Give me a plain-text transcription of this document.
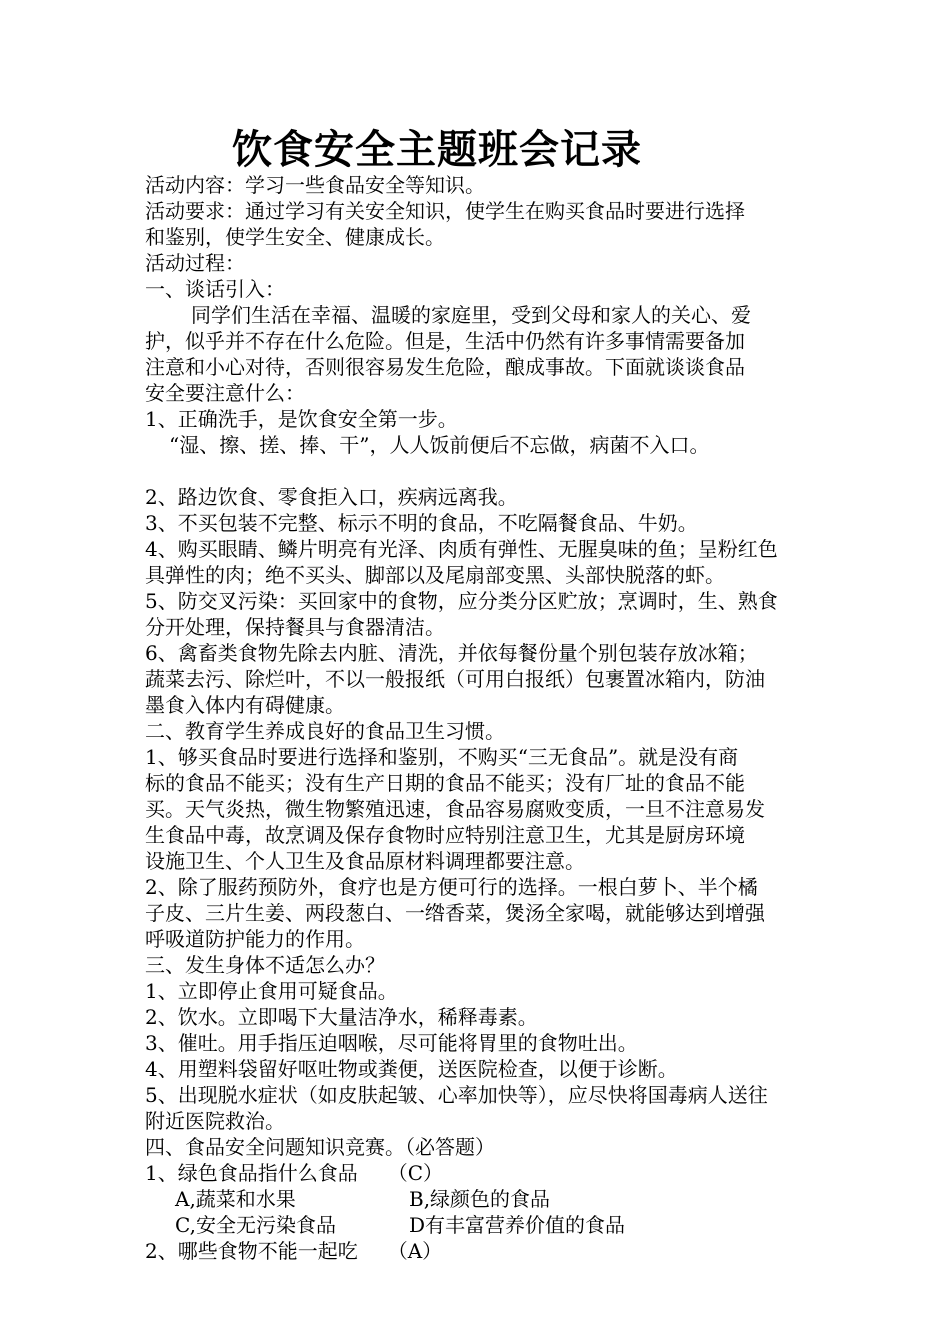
饮食安全主题班会记录
活动内容：学习一些食品安全等知识。
活动要求：通过学习有关安全知识，使学生在购买食品时要进行选择
和鉴别，使学生安全、健康成长。
活动过程：
一、谈话引入：
同学们生活在幸福、温暖的家庭里，受到父母和家人的关心、爱
护，似乎并不存在什么危险。但是，生活中仍然有许多事情需要备加
注意和小心对待，否则很容易发生危险，酿成事故。下面就谈谈食品
安全要注意什么：
1、正确洗手，是饮食安全第一步。
“湿、擦、搓、捧、干”，人人饭前便后不忘做，病菌不入口。
2、路边饮食、零食拒入口，疾病远离我。
3、不买包装不完整、标示不明的食品，不吃隔餐食品、牛奶。
4、购买眼睛、鳞片明亮有光泽、肉质有弹性、无腥臭味的鱼；呈粉红色
具弹性的肉；绝不买头、脚部以及尾扇部变黑、头部快脱落的虾。
5、防交叉污染：买回家中的食物，应分类分区贮放；烹调时，生、熟食
分开处理，保持餐具与食器清洁。
6、禽畜类食物先除去内脏、清洗，并依每餐份量个别包装存放冰箱；
蔬菜去污、除烂叶，不以一般报纸（可用白报纸）包裹置冰箱内，防油
墨食入体内有碍健康。
二、教育学生养成良好的食品卫生习惯。
1、够买食品时要进行选择和鉴别，不购买“三无食品”。就是没有商
标的食品不能买；没有生产日期的食品不能买；没有厂址的食品不能
买。天气炎热，微生物繁殖迅速，食品容易腐败变质，一旦不注意易发
生食品中毒，故烹调及保存食物时应特别注意卫生，尤其是厨房环境
设施卫生、个人卫生及食品原材料调理都要注意。
2、除了服药预防外，食疗也是方便可行的选择。一根白萝卜、半个橘
子皮、三片生姜、两段葱白、一绺香菜，煲汤全家喝，就能够达到增强
呼吸道防护能力的作用。
三、发生身体不适怎么办？
1、立即停止食用可疑食品。
2、饮水。立即喝下大量洁净水，稀释毒素。
3、催吐。用手指压迫咽喉，尽可能将胃里的食物吐出。
4、用塑料袋留好呕吐物或粪便，送医院检查，以便于诊断。
5、出现脱水症状（如皮肤起皱、心率加快等），应尽快将国毒病人送往
附近医院救治。
四、食品安全问题知识竞赛。（必答题）
1、绿色食品指什么食品 （C）
A,蔬菜和水果	B,绿颜色的食品
C,安全无污染食品	D有丰富营养价值的食品
2、哪些食物不能一起吃 （A）
